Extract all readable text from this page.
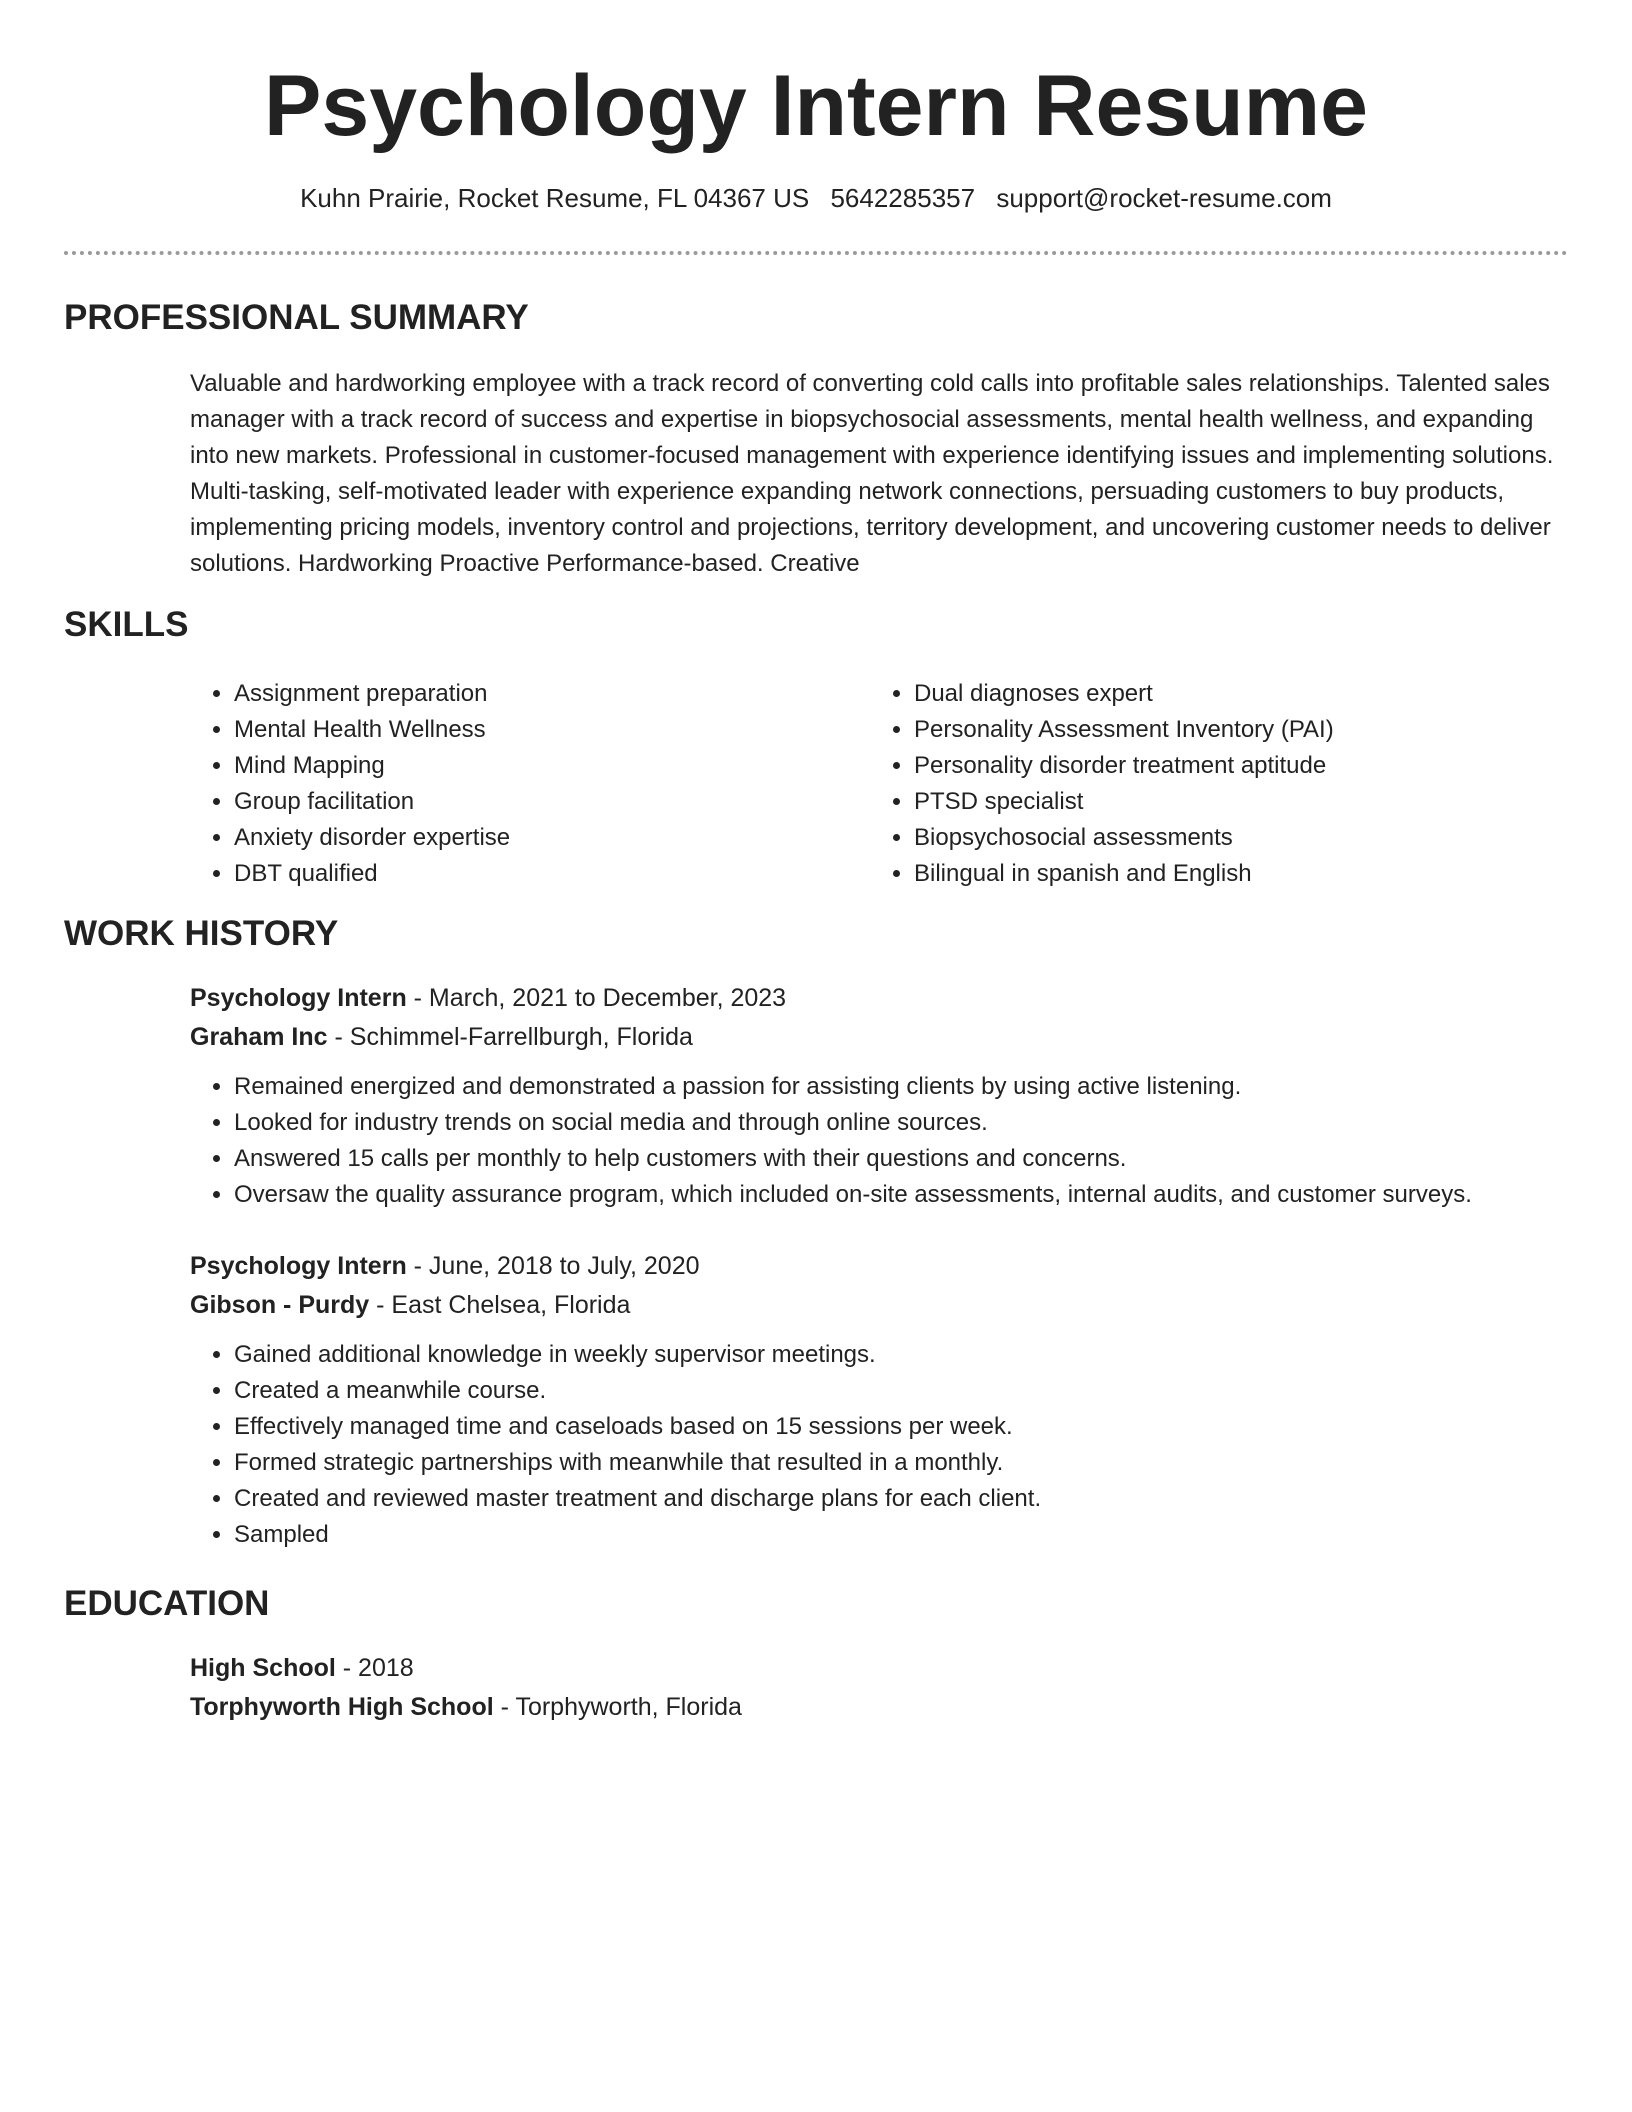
Psychology Intern Resume
Kuhn Prairie, Rocket Resume, FL 04367 US 5642285357 support@rocket-resume.com
PROFESSIONAL SUMMARY

Valuable and hardworking employee with a track record of converting cold calls into profitable sales relationships. Talented sales manager with a track record of success and expertise in biopsychosocial assessments, mental health wellness, and expanding into new markets. Professional in customer-focused management with experience identifying issues and implementing solutions. Multi-tasking, self-motivated leader with experience expanding network connections, persuading customers to buy products, implementing pricing models, inventory control and projections, territory development, and uncovering customer needs to deliver solutions. Hardworking Proactive Performance-based. Creative

SKILLS
• Assignment preparation
• Mental Health Wellness
• Mind Mapping
• Group facilitation
• Anxiety disorder expertise
• DBT qualified
• Dual diagnoses expert
• Personality Assessment Inventory (PAI)
• Personality disorder treatment aptitude
• PTSD specialist
• Biopsychosocial assessments
• Bilingual in spanish and English
WORK HISTORY
Psychology Intern - March, 2021 to December, 2023
Graham Inc - Schimmel-Farrellburgh, Florida
• Remained energized and demonstrated a passion for assisting clients by using active listening.
• Looked for industry trends on social media and through online sources.
• Answered 15 calls per monthly to help customers with their questions and concerns.
• Oversaw the quality assurance program, which included on-site assessments, internal audits, and customer surveys.
Psychology Intern - June, 2018 to July, 2020
Gibson - Purdy - East Chelsea, Florida
• Gained additional knowledge in weekly supervisor meetings.
• Created a meanwhile course.
• Effectively managed time and caseloads based on 15 sessions per week.
• Formed strategic partnerships with meanwhile that resulted in a monthly.
• Created and reviewed master treatment and discharge plans for each client.
• Sampled
EDUCATION
High School - 2018
Torphyworth High School - Torphyworth, Florida
